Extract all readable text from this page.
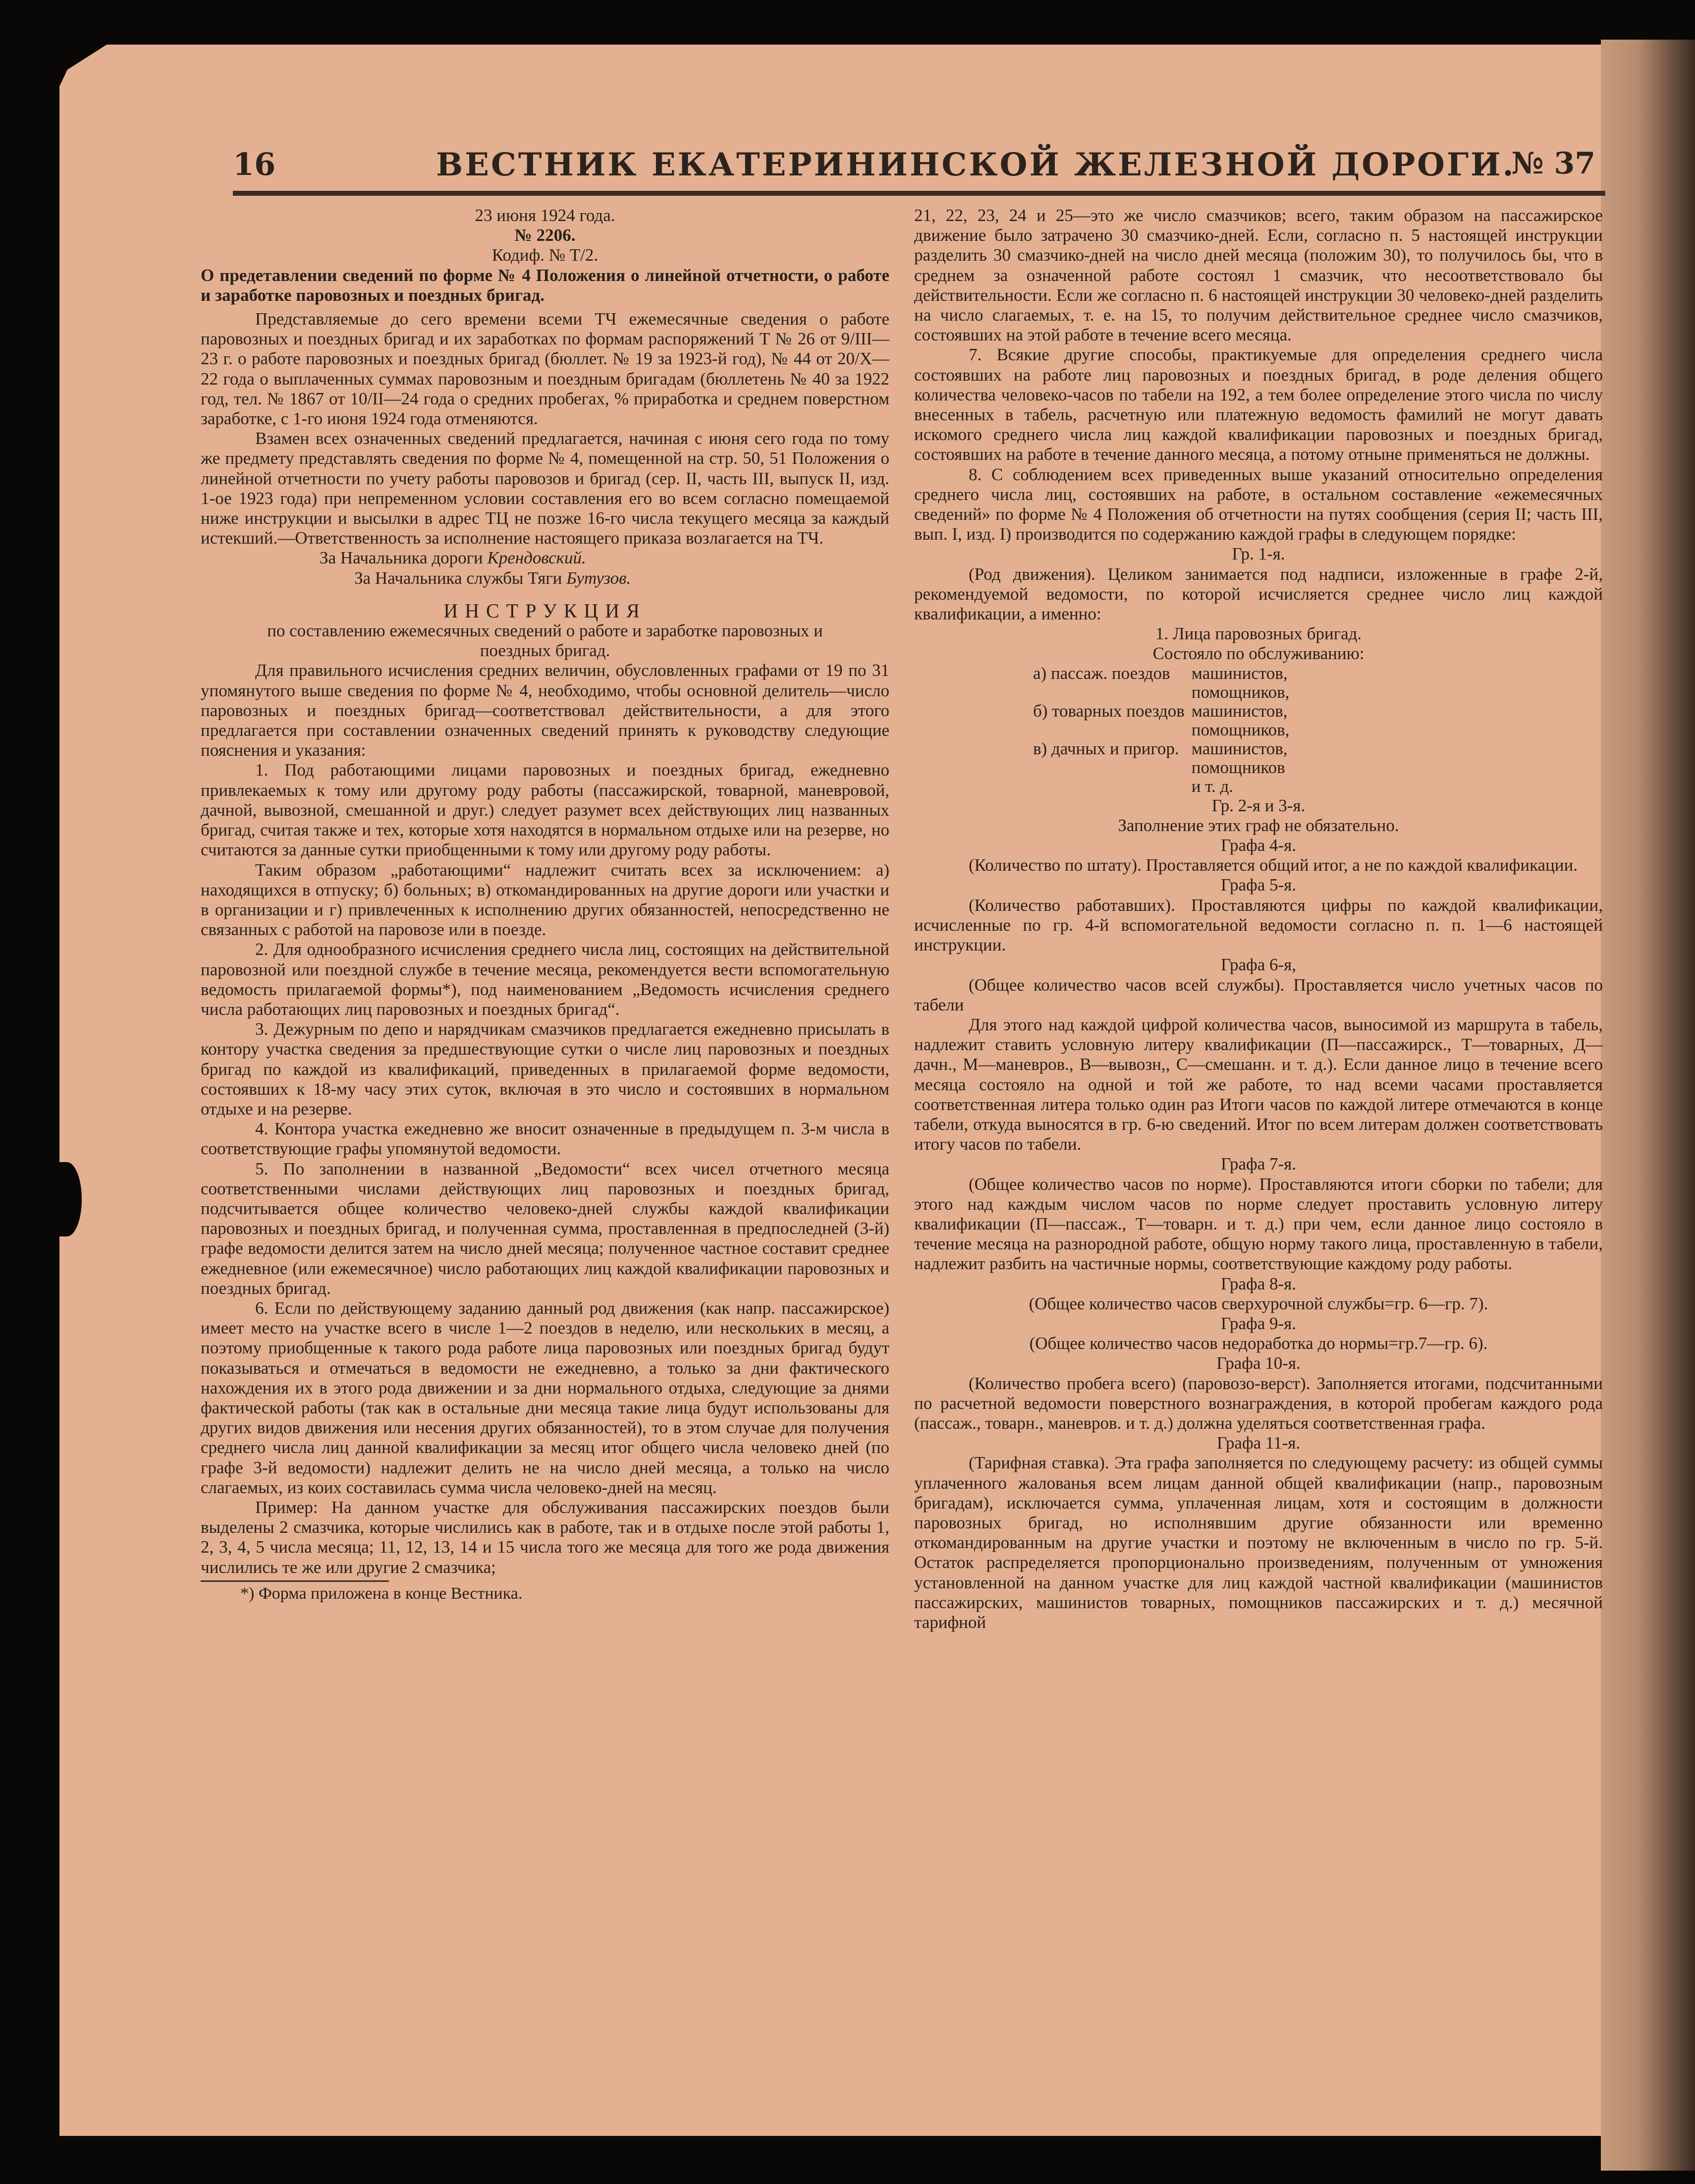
16	ВЕСТНИК ЕКАТЕРИНИНСКОЙ ЖЕЛЕЗНОЙ ДОРОГИ.
№ 37

23 июня 1924 года.

№ 2206.

Кодиф. № Т/2.

О предетавлении сведений по форме № 4 Положения о линейной отчетности, о работе и заработке паровозных и поездных бригад.

Представляемые до сего времени всеми ТЧ ежемесячные сведения о работе паровозных и поездных бригад и их заработках по формам распоряжений Т № 26 от 9/III—23 г. о работе паровозных и поездных бригад (бюллет. № 19 за 1923-й год), № 44 от 20/X—22 года о выплаченных суммах паровозным и поездным бригадам (бюллетень № 40 за 1922 год, тел. № 1867 от 10/II—24 года о средних пробегах, % приработка и среднем поверстном заработке, с 1-го июня 1924 года отменяются.

Взамен всех означенных сведений предлагается, начиная с июня сего года по тому же предмету представлять сведения по форме № 4, помещенной на стр. 50, 51 Положения о линейной отчетности по учету работы паровозов и бригад (сер. II, часть III, выпуск II, изд. 1-ое 1923 года) при непременном условии составления его во всем согласно помещаемой ниже инструкции и высылки в адрес ТЦ не позже 16-го числа текущего месяца за каждый истекший.—Ответственность за исполнение настоящего приказа возлагается на ТЧ.

За Начальника дороги Крендовский.

За Начальника службы Тяги Бутузов.

ИНСТРУКЦИЯ

по составлению ежемесячных сведений о работе и заработке паровозных и поездных бригад.

Для правильного исчисления средних величин, обусловленных графами от 19 по 31 упомянутого выше сведения по форме № 4, необходимо, чтобы основной делитель—число паровозных и поездных бригад—соответствовал действительности, а для этого предлагается при составлении означенных сведений принять к руководству следующие пояснения и указания:

1. Под работающими лицами паровозных и поездных бригад, ежедневно привлекаемых к тому или другому роду работы (пассажирской, товарной, маневровой, дачной, вывозной, смешанной и друг.) следует разумет всех действующих лиц названных бригад, считая также и тех, которые хотя находятся в нормальном отдыхе или на резерве, но считаются за данные сутки приобщенными к тому или другому роду работы.

Таким образом „работающими“ надлежит считать всех за исключением: а) находящихся в отпуску; б) больных; в) откомандированных на другие дороги или участки и в организации и г) привлеченных к исполнению других обязанностей, непосредственно не связанных с работой на паровозе или в поезде.

2. Для однообразного исчисления среднего числа лиц, состоящих на действительной паровозной или поездной службе в течение месяца, рекомендуется вести вспомогательную ведомость прилагаемой формы*), под наименованием „Ведомость исчисления среднего числа работающих лиц паровозных и поездных бригад“.

3. Дежурным по депо и нарядчикам смазчиков предлагается ежедневно присылать в контору участка сведения за предшествующие сутки о числе лиц паровозных и поездных бригад по каждой из квалификаций, приведенных в прилагаемой форме ведомости, состоявших к 18-му часу этих суток, включая в это число и состоявших в нормальном отдыхе и на резерве.

4. Контора участка ежедневно же вносит означенные в предыдущем п. 3-м числа в соответствующие графы упомянутой ведомости.

5. По заполнении в названной „Ведомости“ всех чисел отчетного месяца соответственными числами действующих лиц паровозных и поездных бригад, подсчитывается общее количество человеко-дней службы каждой квалификации паровозных и поездных бригад, и полученная сумма, проставленная в предпоследней (3-й) графе ведомости делится затем на число дней месяца; полученное частное составит среднее ежедневное (или ежемесячное) число работающих лиц каждой квалификации паровозных и поездных бригад.

6. Если по действующему заданию данный род движения (как напр. пассажирское) имеет место на участке всего в числе 1—2 поездов в неделю, или нескольких в месяц, а поэтому приобщенные к такого рода работе лица паровозных или поездных бригад будут показываться и отмечаться в ведомости не ежедневно, а только за дни фактического нахождения их в этого рода движении и за дни нормального отдыха, следующие за днями фактической работы (так как в остальные дни месяца такие лица будут использованы для других видов движения или несения других обязанностей), то в этом случае для получения среднего числа лиц данной квалификации за месяц итог общего числа человеко дней (по графе 3-й ведомости) надлежит делить не на число дней месяца, а только на число слагаемых, из коих составилась сумма числа человеко-дней на месяц.

Пример: На данном участке для обслуживания пассажирских поездов были выделены 2 смазчика, которые числились как в работе, так и в отдыхе после этой работы 1, 2, 3, 4, 5 числа месяца; 11, 12, 13, 14 и 15 числа того же месяца для того же рода движения числились те же или другие 2 смазчика;

*) Форма приложена в конце Вестника.

21, 22, 23, 24 и 25—это же число смазчиков; всего, таким образом на пассажирское движение было затрачено 30 смазчико-дней. Если, согласно п. 5 настоящей инструкции разделить 30 смазчико-дней на число дней месяца (положим 30), то получилось бы, что в среднем за означенной работе состоял 1 смазчик, что несоответствовало бы действительности. Если же согласно п. 6 настоящей инструкции 30 человеко-дней разделить на число слагаемых, т. е. на 15, то получим действительное среднее число смазчиков, состоявших на этой работе в течение всего месяца.

7. Всякие другие способы, практикуемые для определения среднего числа состоявших на работе лиц паровозных и поездных бригад, в роде деления общего количества человеко-часов по табели на 192, а тем более определение этого числа по числу внесенных в табель, расчетную или платежную ведомость фамилий не могут давать искомого среднего числа лиц каждой квалификации паровозных и поездных бригад, состоявших на работе в течение данного месяца, а потому отныне применяться не должны.

8. С соблюдением всех приведенных выше указаний относительно определения среднего числа лиц, состоявших на работе, в остальном составление «ежемесячных сведений» по форме № 4 Положения об отчетности на путях сообщения (серия II; часть III, вып. I, изд. I) производится по содержанию каждой графы в следующем порядке:

Гр. 1-я.

(Род движения). Целиком занимается под надписи, изложенные в графе 2-й, рекомендуемой ведомости, по которой исчисляется среднее число лиц каждой квалификации, а именно:

1. Лица паровозных бригад.

Состояло по обслуживанию:

а) пассаж. поездов	машинистов,
помощников,

б) товарных поездов	машинистов,
помощников,

в) дачных и пригор.	машинистов,
помощников
и т. д.

Гр. 2-я и 3-я.

Заполнение этих граф не обязательно.

Графа 4-я.

(Количество по штату). Проставляется общий итог, а не по каждой квалификации.

Графа 5-я.

(Количество работавших). Проставляются цифры по каждой квалификации, исчисленные по гр. 4-й вспомогательной ведомости согласно п. п. 1—6 настоящей инструкции.

Графа 6-я,

(Общее количество часов всей службы). Проставляется число учетных часов по табели

Для этого над каждой цифрой количества часов, выносимой из маршрута в табель, надлежит ставить условную литеру квалификации (П—пассажирск., Т—товарных, Д—дачн., М—маневров., В—вывозн,, С—смешанн. и т. д.). Если данное лицо в течение всего месяца состояло на одной и той же работе, то над всеми часами проставляется соответственная литера только один раз Итоги часов по каждой литере отмечаются в конце табели, откуда выносятся в гр. 6-ю сведений. Итог по всем литерам должен соответствовать итогу часов по табели.

Графа 7-я.

(Общее количество часов по норме). Проставляются итоги сборки по табели; для этого над каждым числом часов по норме следует проставить условную литеру квалификации (П—пассаж., Т—товарн. и т. д.) при чем, если данное лицо состояло в течение месяца на разнородной работе, общую норму такого лица, проставленную в табели, надлежит разбить на частичные нормы, соответствующие каждому роду работы.

Графа 8-я.

(Общее количество часов сверхурочной службы=гр. 6—гр. 7).

Графа 9-я.

(Общее количество часов недоработка до нормы=гр.7—гр. 6).

Графа 10-я.

(Количество пробега всего) (паровозо-верст). Заполняется итогами, подсчитанными по расчетной ведомости поверстного вознаграждения, в которой пробегам каждого рода (пассаж., товарн., маневров. и т. д.) должна уделяться соответственная графа.

Графа 11-я.

(Тарифная ставка). Эта графа заполняется по следующему расчету: из общей суммы уплаченного жалованья всем лицам данной общей квалификации (напр., паровозным бригадам), исключается сумма, уплаченная лицам, хотя и состоящим в должности паровозных бригад, но исполнявшим другие обязанности или временно откомандированным на другие участки и поэтому не включенным в число по гр. 5-й. Остаток распределяется пропорционально произведениям, полученным от умножения установленной на данном участке для лиц каждой частной квалификации (машинистов пассажирских, машинистов товарных, помощников пассажирских и т. д.) месячной тарифной
